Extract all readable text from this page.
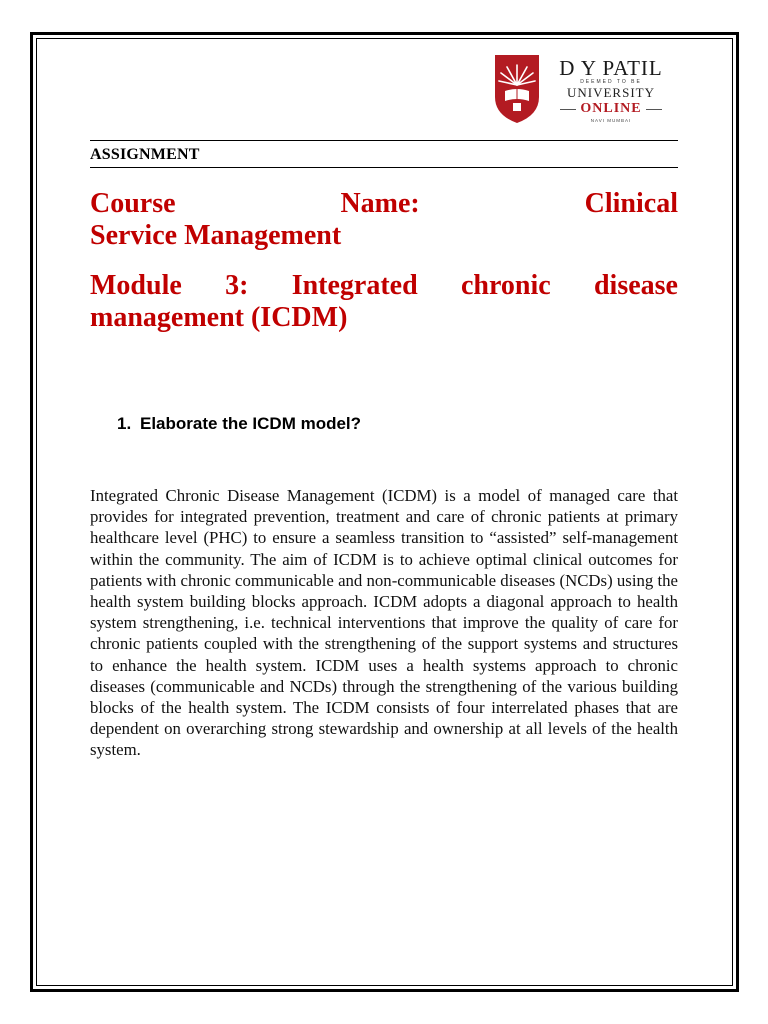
D Y PATIL
DEEMED TO BE
UNIVERSITY
ONLINE
NAVI MUMBAI
ASSIGNMENT
Course	Name:	Clinical
Service Management
Module 3: Integrated chronic disease
management (ICDM)
1. Elaborate the ICDM model?
Integrated Chronic Disease Management (ICDM) is a model of managed care that provides for integrated prevention, treatment and care of chronic patients at primary healthcare level (PHC) to ensure a seamless transition to “assisted” self-management within the community. The aim of ICDM is to achieve optimal clinical outcomes for patients with chronic communicable and non-communicable diseases (NCDs) using the health system building blocks approach. ICDM adopts a diagonal approach to health system strengthening, i.e. technical interventions that improve the quality of care for chronic patients coupled with the strengthening of the support systems and structures to enhance the health system. ICDM uses a health systems approach to chronic diseases (communicable and NCDs) through the strengthening of the various building blocks of the health system. The ICDM consists of four interrelated phases that are dependent on overarching strong stewardship and ownership at all levels of the health system.
